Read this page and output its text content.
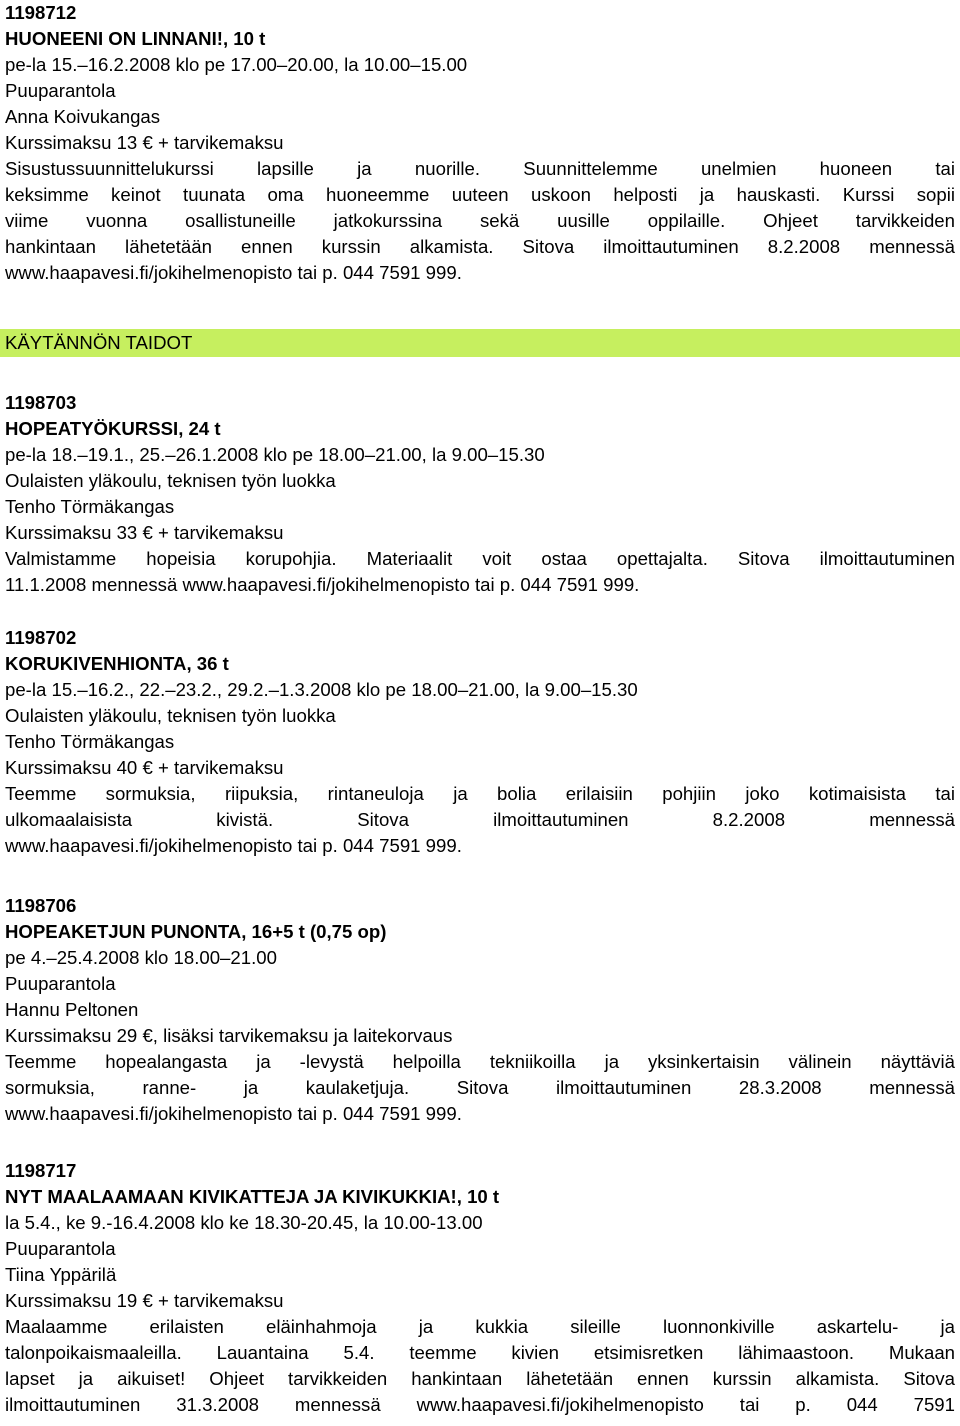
1198712
HUONEENI ON LINNANI!, 10 t
pe-la 15.–16.2.2008 klo pe 17.00–20.00, la 10.00–15.00
Puuparantola
Anna Koivukangas
Kurssimaksu 13 € + tarvikemaksu
Sisustussuunnittelukurssi lapsille ja nuorille. Suunnittelemme unelmien huoneen tai
keksimme keinot tuunata oma huoneemme uuteen uskoon helposti ja hauskasti. Kurssi sopii
viime vuonna osallistuneille jatkokurssina sekä uusille oppilaille. Ohjeet tarvikkeiden
hankintaan lähetetään ennen kurssin alkamista. Sitova ilmoittautuminen 8.2.2008 mennessä
www.haapavesi.fi/jokihelmenopisto tai p. 044 7591 999.
KÄYTÄNNÖN TAIDOT
1198703
HOPEATYÖKURSSI, 24 t
pe-la 18.–19.1., 25.–26.1.2008 klo pe 18.00–21.00, la 9.00–15.30
Oulaisten yläkoulu, teknisen työn luokka
Tenho Törmäkangas
Kurssimaksu 33 € + tarvikemaksu
Valmistamme hopeisia korupohjia. Materiaalit voit ostaa opettajalta. Sitova ilmoittautuminen
11.1.2008 mennessä www.haapavesi.fi/jokihelmenopisto tai p. 044 7591 999.
1198702
KORUKIVENHIONTA, 36 t
pe-la 15.–16.2., 22.–23.2., 29.2.–1.3.2008 klo pe 18.00–21.00, la 9.00–15.30
Oulaisten yläkoulu, teknisen työn luokka
Tenho Törmäkangas
Kurssimaksu 40 € + tarvikemaksu
Teemme sormuksia, riipuksia, rintaneuloja ja bolia erilaisiin pohjiin joko kotimaisista tai
ulkomaalaisista kivistä. Sitova ilmoittautuminen 8.2.2008 mennessä
www.haapavesi.fi/jokihelmenopisto tai p. 044 7591 999.
1198706
HOPEAKETJUN PUNONTA, 16+5 t (0,75 op)
pe 4.–25.4.2008 klo 18.00–21.00
Puuparantola
Hannu Peltonen
Kurssimaksu 29 €, lisäksi tarvikemaksu ja laitekorvaus
Teemme hopealangasta ja -levystä helpoilla tekniikoilla ja yksinkertaisin välinein näyttäviä
sormuksia, ranne- ja kaulaketjuja. Sitova ilmoittautuminen 28.3.2008 mennessä
www.haapavesi.fi/jokihelmenopisto tai p. 044 7591 999.
1198717
NYT MAALAAMAAN KIVIKATTEJA JA KIVIKUKKIA!, 10 t
la 5.4., ke 9.-16.4.2008 klo ke 18.30-20.45, la 10.00-13.00
Puuparantola
Tiina Yppärilä
Kurssimaksu 19 € + tarvikemaksu
Maalaamme erilaisten eläinhahmoja ja kukkia sileille luonnonkiville askartelu- ja
talonpoikaismaaleilla. Lauantaina 5.4. teemme kivien etsimisretken lähimaastoon. Mukaan
lapset ja aikuiset! Ohjeet tarvikkeiden hankintaan lähetetään ennen kurssin alkamista. Sitova
ilmoittautuminen 31.3.2008 mennessä www.haapavesi.fi/jokihelmenopisto tai p. 044 7591
